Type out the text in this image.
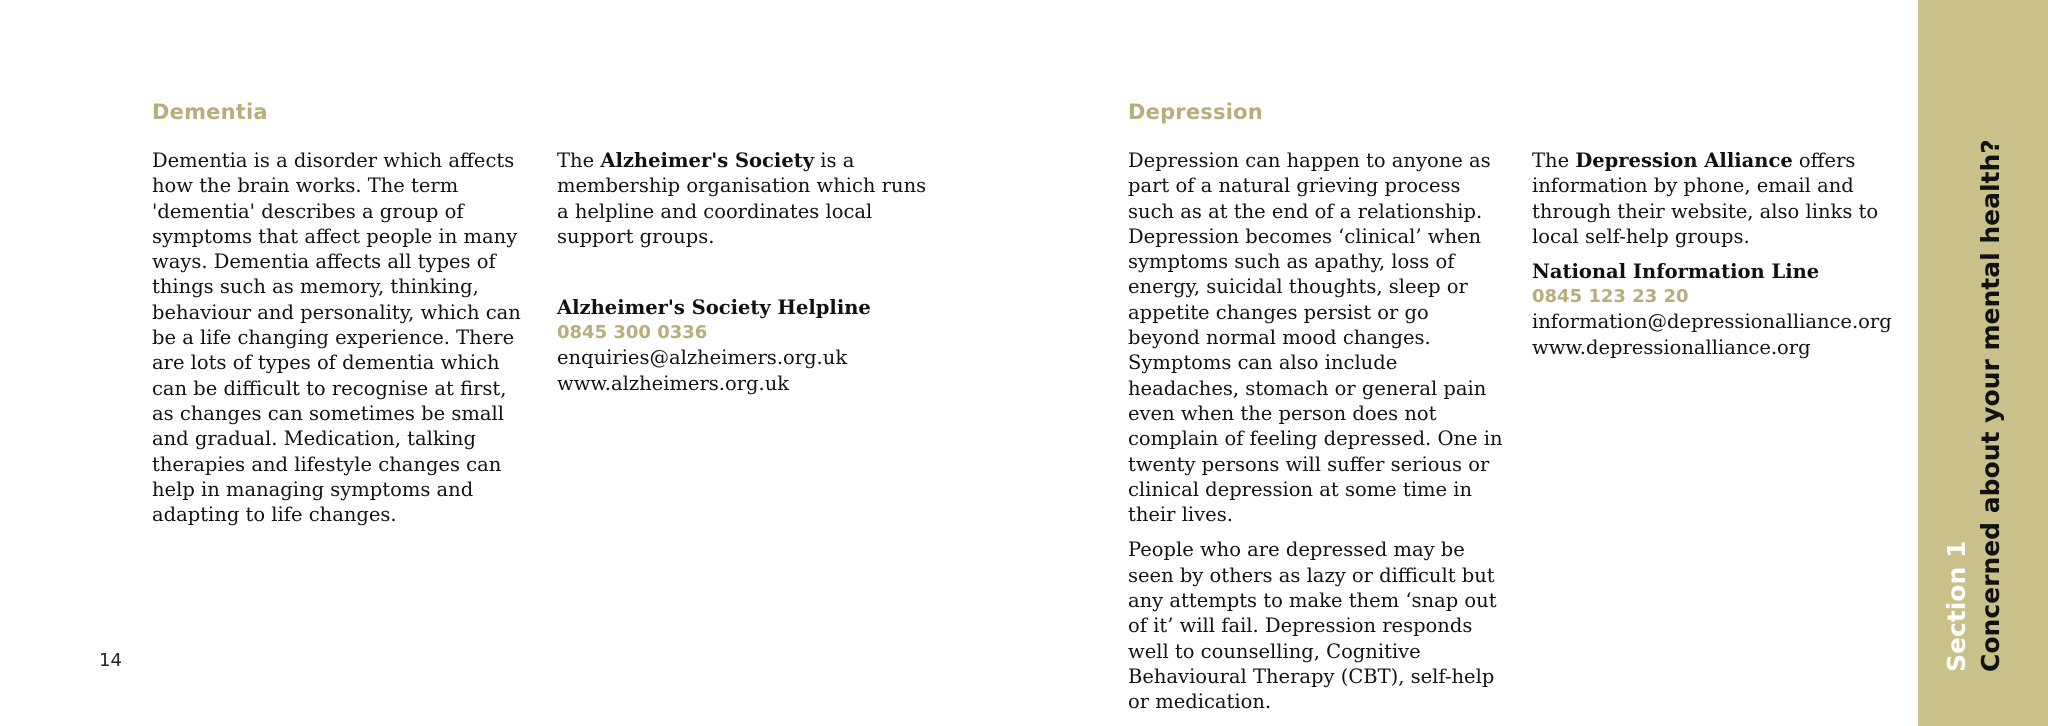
Dementia

Dementia is a disorder which affects how the brain works. The term 'dementia' describes a group of symptoms that affect people in many ways. Dementia affects all types of things such as memory, thinking, behaviour and personality, which can be a life changing experience. There are lots of types of dementia which can be difficult to recognise at first, as changes can sometimes be small and gradual. Medication, talking therapies and lifestyle changes can help in managing symptoms and adapting to life changes.

The Alzheimer's Society is a membership organisation which runs a helpline and coordinates local support groups.

Alzheimer's Society Helpline
0845 300 0336
enquiries@alzheimers.org.uk
www.alzheimers.org.uk
Depression

Depression can happen to anyone as part of a natural grieving process such as at the end of a relationship. Depression becomes ‘clinical’ when symptoms such as apathy, loss of energy, suicidal thoughts, sleep or appetite changes persist or go beyond normal mood changes. Symptoms can also include headaches, stomach or general pain even when the person does not complain of feeling depressed. One in twenty persons will suffer serious or clinical depression at some time in their lives.

People who are depressed may be seen by others as lazy or difficult but any attempts to make them ‘snap out of it’ will fail. Depression responds well to counselling, Cognitive Behavioural Therapy (CBT), self-help or medication.

The Depression Alliance offers information by phone, email and through their website, also links to local self-help groups.

National Information Line
0845 123 23 20
information@depressionalliance.org
www.depressionalliance.org
14	Section 1 Concerned about your mental health?
